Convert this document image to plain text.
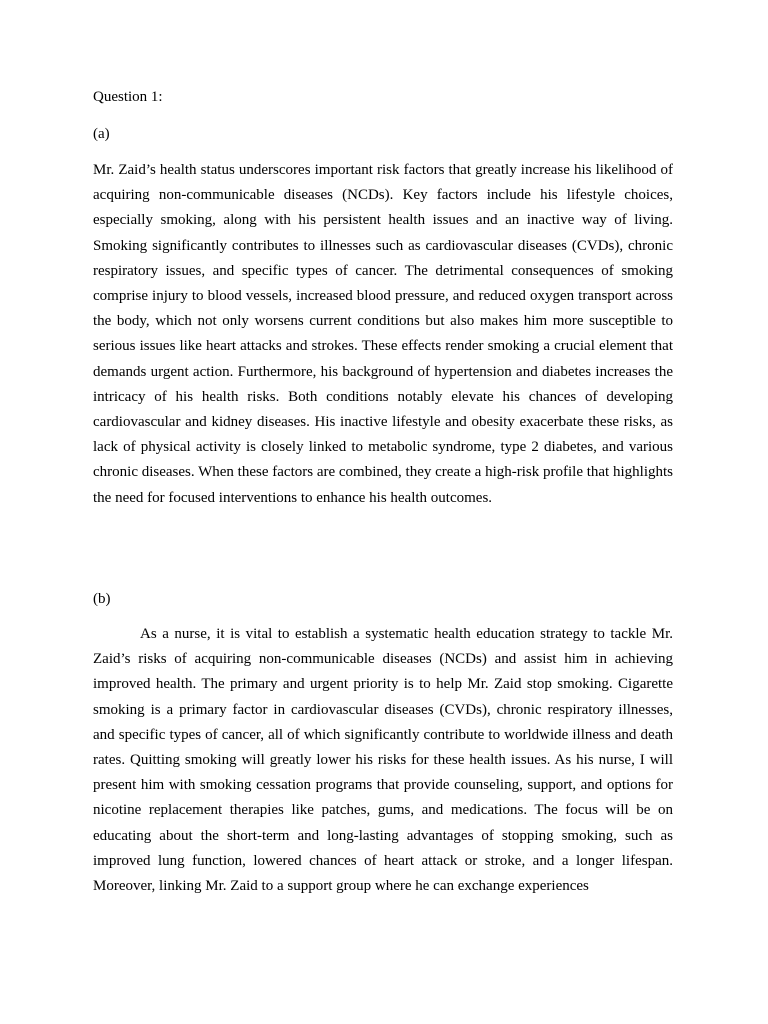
Question 1:

(a)

Mr. Zaid’s health status underscores important risk factors that greatly increase his likelihood of acquiring non-communicable diseases (NCDs). Key factors include his lifestyle choices, especially smoking, along with his persistent health issues and an inactive way of living. Smoking significantly contributes to illnesses such as cardiovascular diseases (CVDs), chronic respiratory issues, and specific types of cancer. The detrimental consequences of smoking comprise injury to blood vessels, increased blood pressure, and reduced oxygen transport across the body, which not only worsens current conditions but also makes him more susceptible to serious issues like heart attacks and strokes. These effects render smoking a crucial element that demands urgent action. Furthermore, his background of hypertension and diabetes increases the intricacy of his health risks. Both conditions notably elevate his chances of developing cardiovascular and kidney diseases. His inactive lifestyle and obesity exacerbate these risks, as lack of physical activity is closely linked to metabolic syndrome, type 2 diabetes, and various chronic diseases. When these factors are combined, they create a high-risk profile that highlights the need for focused interventions to enhance his health outcomes.

(b)

As a nurse, it is vital to establish a systematic health education strategy to tackle Mr. Zaid’s risks of acquiring non-communicable diseases (NCDs) and assist him in achieving improved health. The primary and urgent priority is to help Mr. Zaid stop smoking. Cigarette smoking is a primary factor in cardiovascular diseases (CVDs), chronic respiratory illnesses, and specific types of cancer, all of which significantly contribute to worldwide illness and death rates. Quitting smoking will greatly lower his risks for these health issues. As his nurse, I will present him with smoking cessation programs that provide counseling, support, and options for nicotine replacement therapies like patches, gums, and medications. The focus will be on educating about the short-term and long-lasting advantages of stopping smoking, such as improved lung function, lowered chances of heart attack or stroke, and a longer lifespan. Moreover, linking Mr. Zaid to a support group where he can exchange experiences
